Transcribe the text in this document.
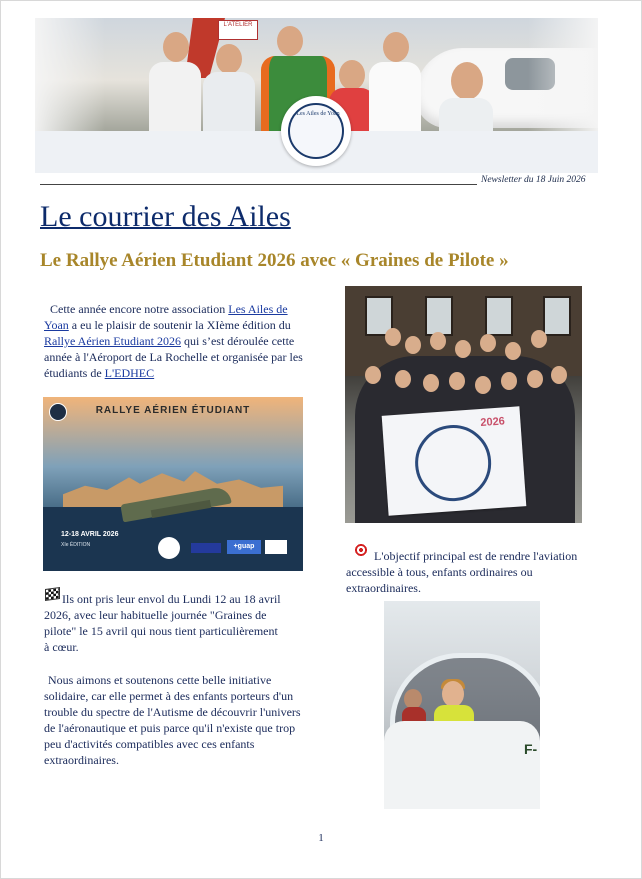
L'ATELIER
Les Ailes de Yoan
Newsletter du 18 Juin 2026
Le courrier des Ailes
Le Rallye Aérien Etudiant 2026 avec « Graines de Pilote »

Cette année encore notre association Les Ailes de Yoan a eu le plaisir de soutenir la XIème édition du Rallye Aérien Etudiant 2026 qui s’est déroulée cette année à l'Aéroport de La Rochelle et organisée par les étudiants de L'EDHEC

RALLYE AÉRIEN ÉTUDIANT
12-18 AVRIL 2026
XIe ÉDITION	+guap
2026

L'objectif principal est de rendre l'aviation accessible à tous, enfants ordinaires ou extraordinaires.

Ils ont pris leur envol du Lundi 12 au 18 avril 2026, avec leur habituelle journée "Graines de pilote" le 15 avril qui nous tient particulièrement à cœur.

Nous aimons et soutenons cette belle initiative solidaire, car elle permet à des enfants porteurs d'un trouble du spectre de l'Autisme de découvrir l'univers de l'aéronautique et puis parce qu'il n'existe que trop peu d'activités compatibles avec ces enfants extraordinaires.

F-
1
